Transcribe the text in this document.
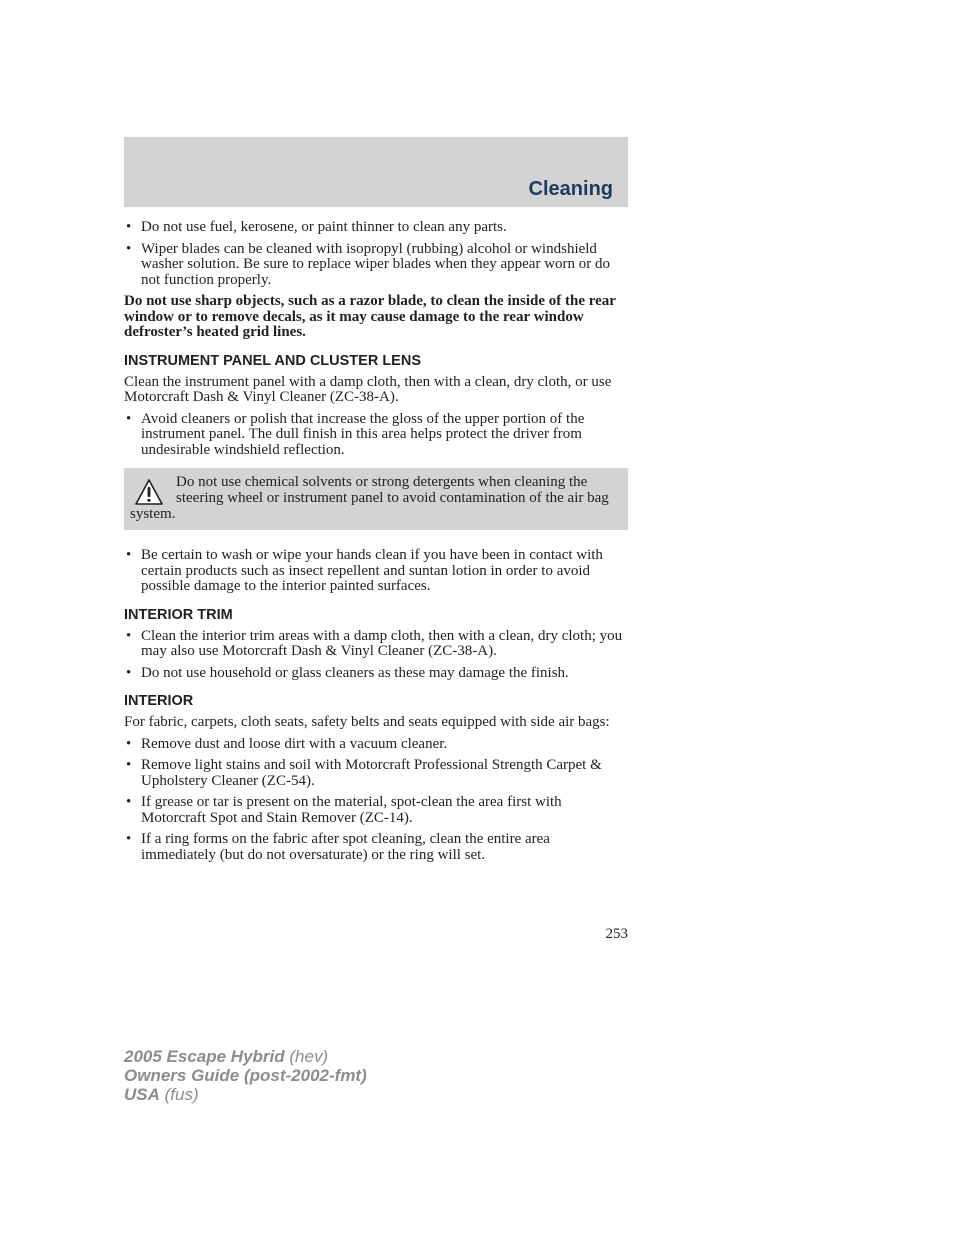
Cleaning
• Do not use fuel, kerosene, or paint thinner to clean any parts.
• Wiper blades can be cleaned with isopropyl (rubbing) alcohol or windshield washer solution. Be sure to replace wiper blades when they appear worn or do not function properly.

Do not use sharp objects, such as a razor blade, to clean the inside of the rear window or to remove decals, as it may cause damage to the rear window defroster’s heated grid lines.

INSTRUMENT PANEL AND CLUSTER LENS

Clean the instrument panel with a damp cloth, then with a clean, dry cloth, or use Motorcraft Dash & Vinyl Cleaner (ZC-38-A).

• Avoid cleaners or polish that increase the gloss of the upper portion of the instrument panel. The dull finish in this area helps protect the driver from undesirable windshield reflection.
Do not use chemical solvents or strong detergents when cleaning the steering wheel or instrument panel to avoid contamination of the air bag system.
• Be certain to wash or wipe your hands clean if you have been in contact with certain products such as insect repellent and suntan lotion in order to avoid possible damage to the interior painted surfaces.
INTERIOR TRIM
• Clean the interior trim areas with a damp cloth, then with a clean, dry cloth; you may also use Motorcraft Dash & Vinyl Cleaner (ZC-38-A).
• Do not use household or glass cleaners as these may damage the finish.
INTERIOR

For fabric, carpets, cloth seats, safety belts and seats equipped with side air bags:

• Remove dust and loose dirt with a vacuum cleaner.
• Remove light stains and soil with Motorcraft Professional Strength Carpet & Upholstery Cleaner (ZC-54).
• If grease or tar is present on the material, spot-clean the area first with Motorcraft Spot and Stain Remover (ZC-14).
• If a ring forms on the fabric after spot cleaning, clean the entire area immediately (but do not oversaturate) or the ring will set.
253
2005 Escape Hybrid (hev)
Owners Guide (post-2002-fmt)
USA (fus)
